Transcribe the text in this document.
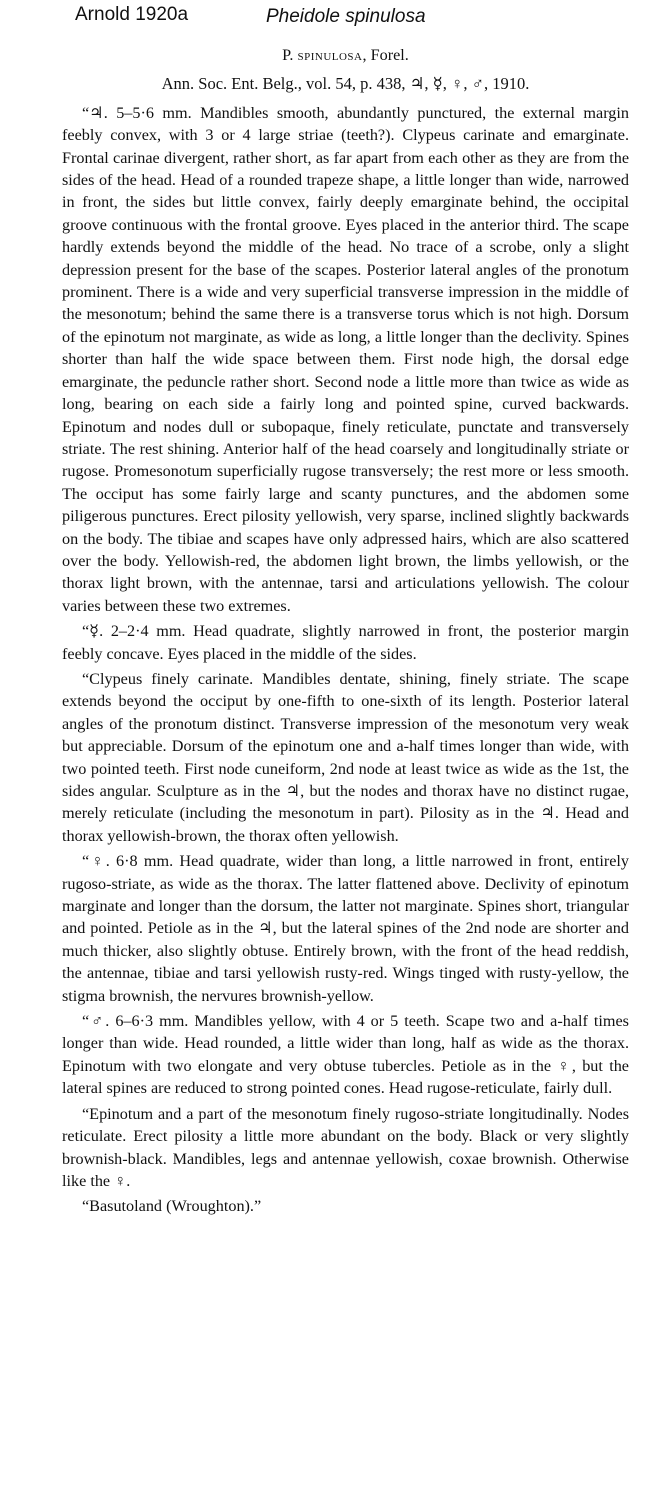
Arnold 1920a	Pheidole spinulosa
P. spinulosa, Forel.
Ann. Soc. Ent. Belg., vol. 54, p. 438, ♃, ☿, ♀, ♂, 1910.

“♃. 5–5·6 mm. Mandibles smooth, abundantly punctured, the external margin feebly convex, with 3 or 4 large striae (teeth?). Clypeus carinate and emarginate. Frontal carinae divergent, rather short, as far apart from each other as they are from the sides of the head. Head of a rounded trapeze shape, a little longer than wide, narrowed in front, the sides but little convex, fairly deeply emarginate behind, the occipital groove continuous with the frontal groove. Eyes placed in the anterior third. The scape hardly extends beyond the middle of the head. No trace of a scrobe, only a slight depression present for the base of the scapes. Posterior lateral angles of the pronotum prominent. There is a wide and very superficial transverse impression in the middle of the mesonotum; behind the same there is a transverse torus which is not high. Dorsum of the epinotum not marginate, as wide as long, a little longer than the declivity. Spines shorter than half the wide space between them. First node high, the dorsal edge emarginate, the peduncle rather short. Second node a little more than twice as wide as long, bearing on each side a fairly long and pointed spine, curved backwards. Epinotum and nodes dull or subopaque, finely reticulate, punctate and transversely striate. The rest shining. Anterior half of the head coarsely and longitudinally striate or rugose. Promesonotum superficially rugose transversely; the rest more or less smooth. The occiput has some fairly large and scanty punctures, and the abdomen some piligerous punctures. Erect pilosity yellowish, very sparse, inclined slightly backwards on the body. The tibiae and scapes have only adpressed hairs, which are also scattered over the body. Yellowish-red, the abdomen light brown, the limbs yellowish, or the thorax light brown, with the antennae, tarsi and articulations yellowish. The colour varies between these two extremes.

“☿. 2–2·4 mm. Head quadrate, slightly narrowed in front, the posterior margin feebly concave. Eyes placed in the middle of the sides.

“Clypeus finely carinate. Mandibles dentate, shining, finely striate. The scape extends beyond the occiput by one-fifth to one-sixth of its length. Posterior lateral angles of the pronotum distinct. Transverse impression of the mesonotum very weak but appreciable. Dorsum of the epinotum one and a-half times longer than wide, with two pointed teeth. First node cuneiform, 2nd node at least twice as wide as the 1st, the sides angular. Sculpture as in the ♃, but the nodes and thorax have no distinct rugae, merely reticulate (including the mesonotum in part). Pilosity as in the ♃. Head and thorax yellowish-brown, the thorax often yellowish.

“♀. 6·8 mm. Head quadrate, wider than long, a little narrowed in front, entirely rugoso-striate, as wide as the thorax. The latter flattened above. Declivity of epinotum marginate and longer than the dorsum, the latter not marginate. Spines short, triangular and pointed. Petiole as in the ♃, but the lateral spines of the 2nd node are shorter and much thicker, also slightly obtuse. Entirely brown, with the front of the head reddish, the antennae, tibiae and tarsi yellowish rusty-red. Wings tinged with rusty-yellow, the stigma brownish, the nervures brownish-yellow.

“♂. 6–6·3 mm. Mandibles yellow, with 4 or 5 teeth. Scape two and a-half times longer than wide. Head rounded, a little wider than long, half as wide as the thorax. Epinotum with two elongate and very obtuse tubercles. Petiole as in the ♀, but the lateral spines are reduced to strong pointed cones. Head rugose-reticulate, fairly dull.

“Epinotum and a part of the mesonotum finely rugoso-striate longitudinally. Nodes reticulate. Erect pilosity a little more abundant on the body. Black or very slightly brownish-black. Mandibles, legs and antennae yellowish, coxae brownish. Otherwise like the ♀.

“Basutoland (Wroughton).”
